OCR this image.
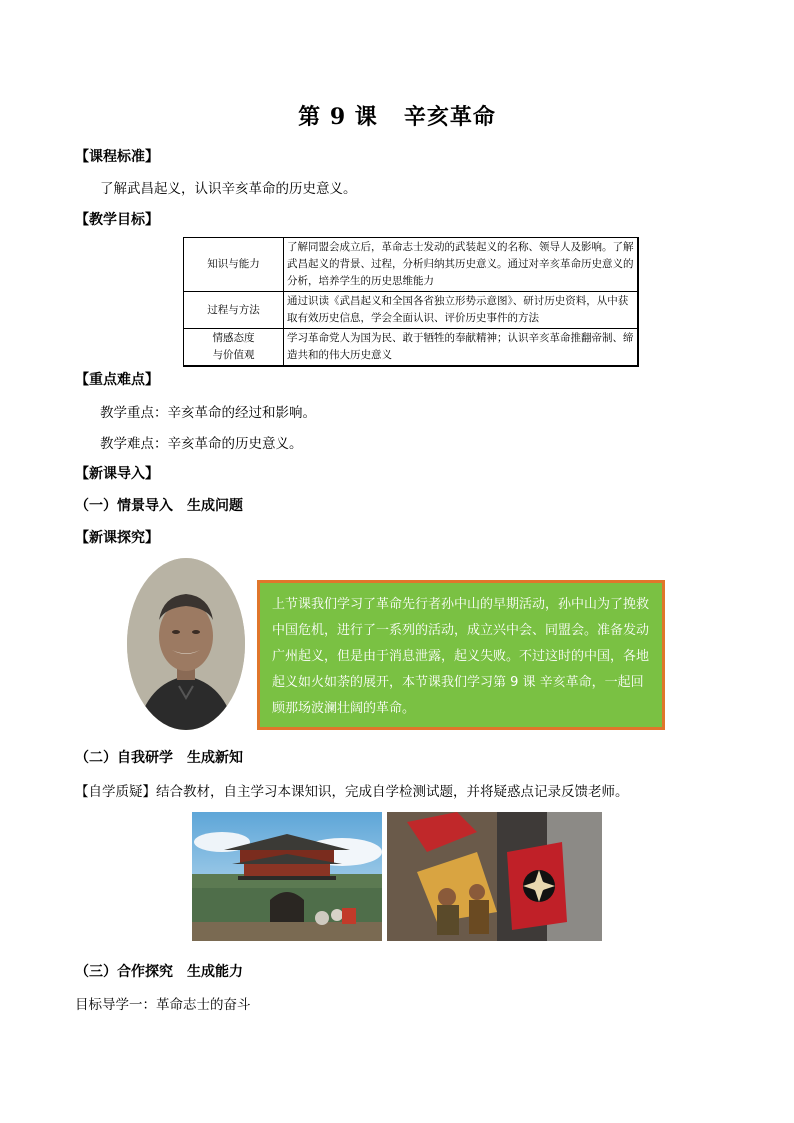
第 9 课 辛亥革命
【课程标准】
了解武昌起义，认识辛亥革命的历史意义。
【教学目标】
知识与能力	了解同盟会成立后，革命志士发动的武装起义的名称、领导人及影响。了解武昌起义的背景、过程，分析归纳其历史意义。通过对辛亥革命历史意义的分析，培养学生的历史思维能力
过程与方法	通过识读《武昌起义和全国各省独立形势示意图》、研讨历史资料，从中获取有效历史信息，学会全面认识、评价历史事件的方法

情感态度
与价值观	学习革命党人为国为民、敢于牺牲的奉献精神；认识辛亥革命推翻帝制、缔造共和的伟大历史意义
【重点难点】
教学重点：辛亥革命的经过和影响。
教学难点：辛亥革命的历史意义。
【新课导入】
（一）情景导入　生成问题
【新课探究】
上节课我们学习了革命先行者孙中山的早期活动，孙中山为了挽救中国危机，进行了一系列的活动，成立兴中会、同盟会。准备发动广州起义，但是由于消息泄露，起义失败。不过这时的中国，各地起义如火如荼的展开，本节课我们学习第 9 课 辛亥革命，一起回顾那场波澜壮阔的革命。
（二）自我研学　生成新知
【自学质疑】结合教材，自主学习本课知识，完成自学检测试题，并将疑惑点记录反馈老师。
（三）合作探究　生成能力
目标导学一：革命志士的奋斗
